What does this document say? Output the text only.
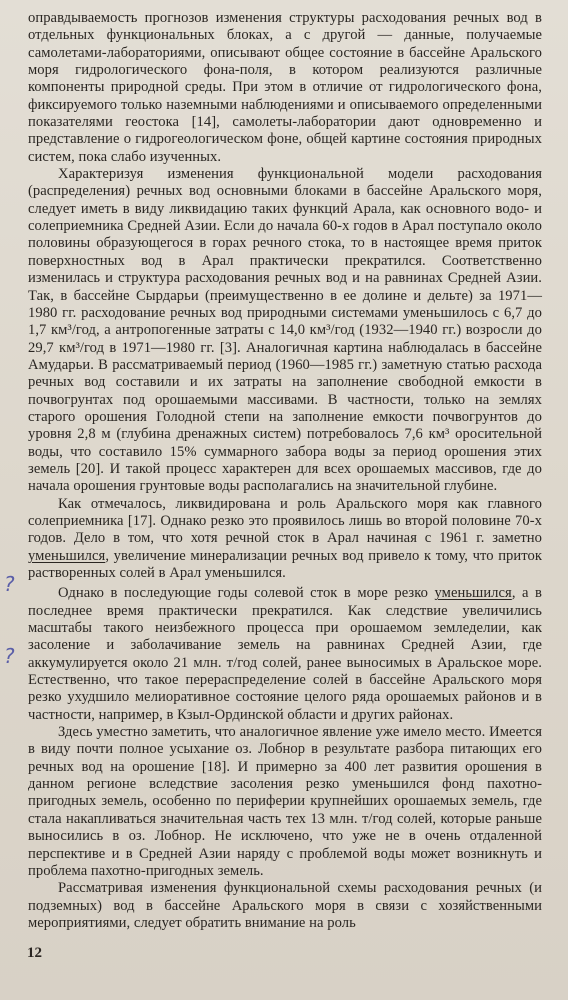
оправдываемость прогнозов изменения структуры расходования речных вод в отдельных функциональных блоках, а с другой — данные, получаемые самолетами-лабораториями, описывают общее состояние в бассейне Аральского моря гидрологического фона-поля, в котором реализуются различные компоненты природной среды. При этом в отличие от гидрологического фона, фиксируемого только наземными наблюдениями и описываемого определенными показателями геостока [14], самолеты-лаборатории дают одновременно и представление о гидрогеологическом фоне, общей картине состояния природных систем, пока слабо изученных.

Характеризуя изменения функциональной модели расходования (распределения) речных вод основными блоками в бассейне Аральского моря, следует иметь в виду ликвидацию таких функций Арала, как основного водо- и солеприемника Средней Азии. Если до начала 60-х годов в Арал поступало около половины образующегося в горах речного стока, то в настоящее время приток поверхностных вод в Арал практически прекратился. Соответственно изменилась и структура расходования речных вод и на равнинах Средней Азии. Так, в бассейне Сырдарьи (преимущественно в ее долине и дельте) за 1971—1980 гг. расходование речных вод природными системами уменьшилось с 6,7 до 1,7 км³/год, а антропогенные затраты с 14,0 км³/год (1932—1940 гг.) возросли до 29,7 км³/год в 1971—1980 гг. [3]. Аналогичная картина наблюдалась в бассейне Амударьи. В рассматриваемый период (1960—1985 гг.) заметную статью расхода речных вод составили и их затраты на заполнение свободной емкости в почвогрунтах под орошаемыми массивами. В частности, только на землях старого орошения Голодной степи на заполнение емкости почвогрунтов до уровня 2,8 м (глубина дренажных систем) потребовалось 7,6 км³ оросительной воды, что составило 15% суммарного забора воды за период орошения этих земель [20]. И такой процесс характерен для всех орошаемых массивов, где до начала орошения грунтовые воды располагались на значительной глубине.

Как отмечалось, ликвидирована и роль Аральского моря как главного солеприемника [17]. Однако резко это проявилось лишь во второй половине 70-х годов. Дело в том, что хотя речной сток в Арал начиная с 1961 г. заметно уменьшился, увеличение минерализации речных вод привело к тому, что приток растворенных солей в Арал уменьшился.

Однако в последующие годы солевой сток в море резко уменьшился, а в последнее время практически прекратился. Как следствие увеличились масштабы такого неизбежного процесса при орошаемом земледелии, как засоление и заболачивание земель на равнинах Средней Азии, где аккумулируется около 21 млн. т/год солей, ранее выносимых в Аральское море. Естественно, что такое перераспределение солей в бассейне Аральского моря резко ухудшило мелиоративное состояние целого ряда орошаемых районов и в частности, например, в Кзыл-Ординской области и других районах.

Здесь уместно заметить, что аналогичное явление уже имело место. Имеется в виду почти полное усыхание оз. Лобнор в результате разбора питающих его речных вод на орошение [18]. И примерно за 400 лет развития орошения в данном регионе вследствие засоления резко уменьшился фонд пахотно-пригодных земель, особенно по периферии крупнейших орошаемых земель, где стала накапливаться значительная часть тех 13 млн. т/год солей, которые раньше выносились в оз. Лобнор. Не исключено, что уже не в очень отдаленной перспективе и в Средней Азии наряду с проблемой воды может возникнуть и проблема пахотно-пригодных земель.

Рассматривая изменения функциональной схемы расходования речных (и подземных) вод в бассейне Аральского моря в связи с хозяйственными мероприятиями, следует обратить внимание на роль

?
?
12
